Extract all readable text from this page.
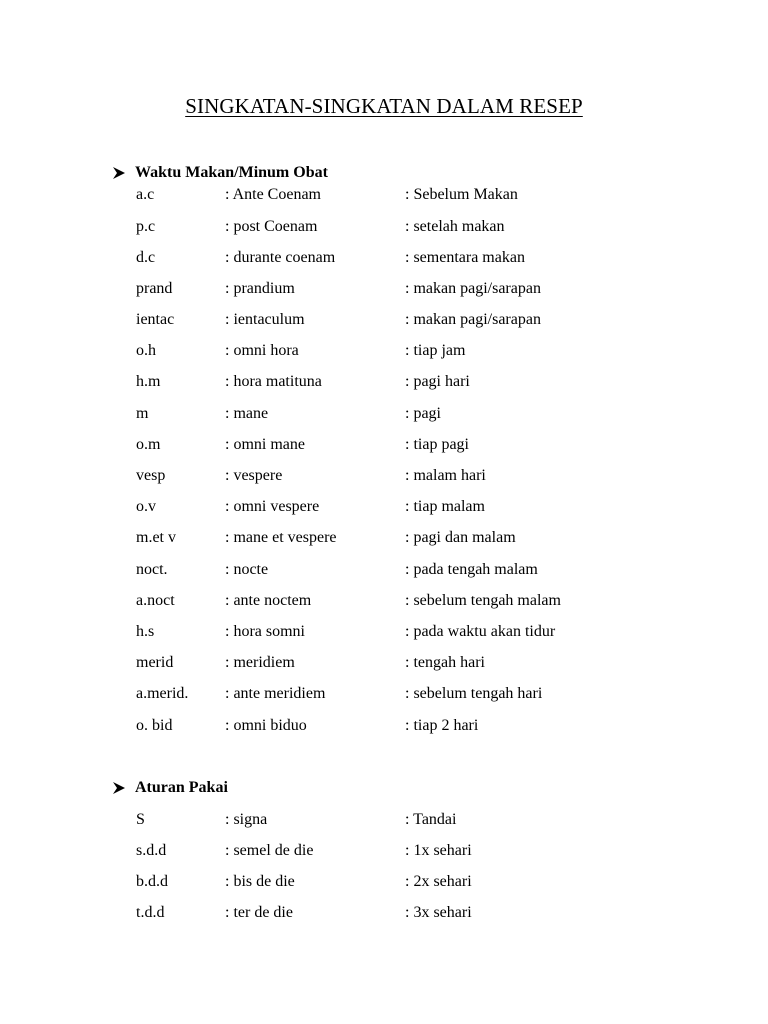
SINGKATAN-SINGKATAN DALAM RESEP
Waktu Makan/Minum Obat
a.c	: Ante Coenam	: Sebelum Makan
p.c	: post Coenam	: setelah makan
d.c	: durante coenam	: sementara makan
prand	: prandium	: makan pagi/sarapan
ientac	: ientaculum	: makan pagi/sarapan
o.h	: omni hora	: tiap jam
h.m	: hora matituna	: pagi hari
m	: mane	: pagi
o.m	: omni mane	: tiap pagi
vesp	: vespere	: malam hari
o.v	: omni vespere	: tiap malam
m.et v	: mane et vespere	: pagi dan malam
noct.	: nocte	: pada tengah malam
a.noct	: ante noctem	: sebelum tengah malam
h.s	: hora somni	: pada waktu akan tidur
merid	: meridiem	: tengah hari
a.merid. : ante meridiem	: sebelum tengah hari
o. bid	: omni biduo	: tiap 2 hari
Aturan Pakai
S	: signa	: Tandai
s.d.d	: semel de die	: 1x sehari
b.d.d	: bis de die	: 2x sehari
t.d.d	: ter de die	: 3x sehari
